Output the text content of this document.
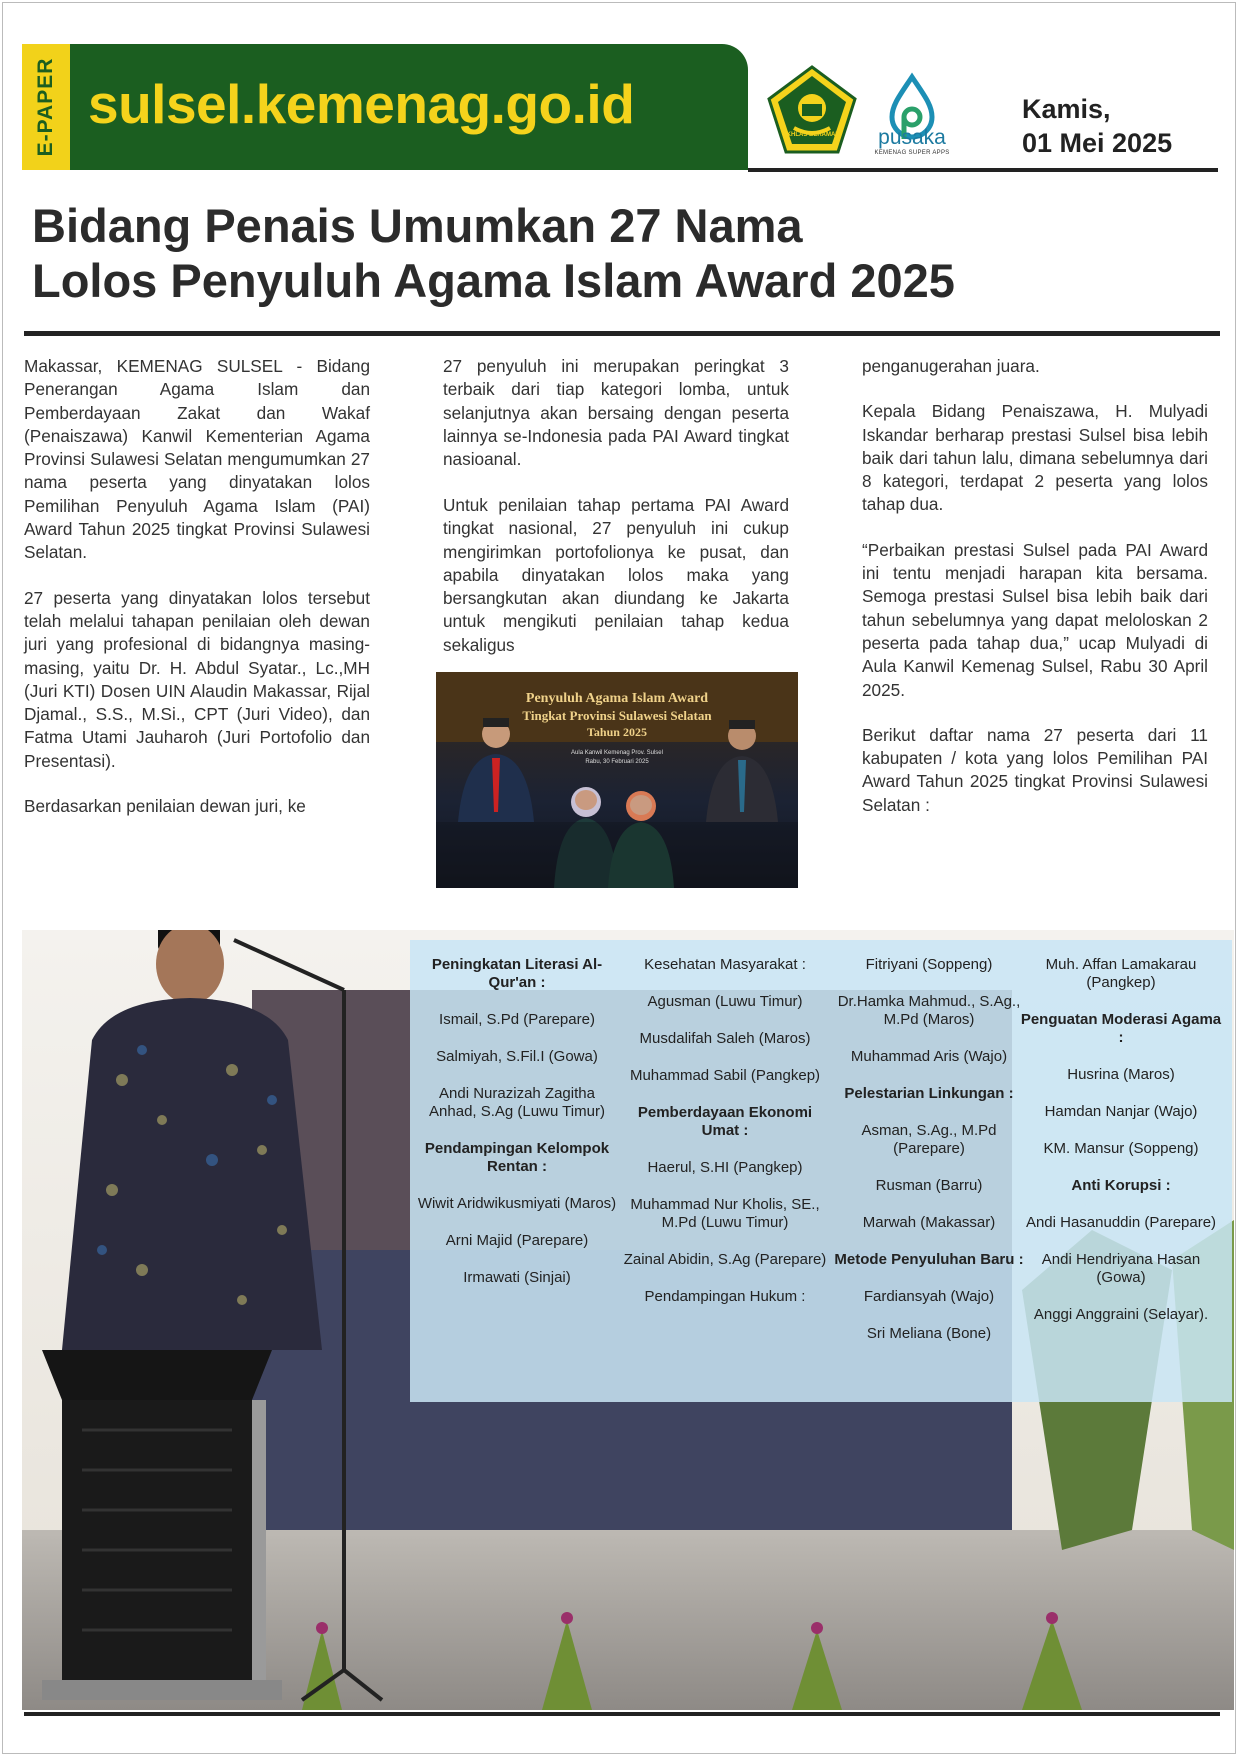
E-PAPER sulsel.kemenag.go.id	IKHLAS BERAMAL pusaka
KEMENAG SUPER APPS
Kamis,
01 Mei 2025
Bidang Penais Umumkan 27 Nama
Lolos Penyuluh Agama Islam Award 2025

Makassar, KEMENAG SULSEL - Bidang Penerangan Agama Islam dan Pemberdayaan Zakat dan Wakaf (Penaiszawa) Kanwil Kementerian Agama Provinsi Sulawesi Selatan mengumumkan 27 nama peserta yang dinyatakan lolos Pemilihan Penyuluh Agama Islam (PAI) Award Tahun 2025 tingkat Provinsi Sulawesi Selatan.

27 peserta yang dinyatakan lolos tersebut telah melalui tahapan penilaian oleh dewan juri yang profesional di bidangnya masing-masing, yaitu Dr. H. Abdul Syatar., Lc.,MH (Juri KTI) Dosen UIN Alaudin Makassar, Rijal Djamal., S.S., M.Si., CPT (Juri Video), dan Fatma Utami Jauharoh (Juri Portofolio dan Presentasi).

Berdasarkan penilaian dewan juri, ke

27 penyuluh ini merupakan peringkat 3 terbaik dari tiap kategori lomba, untuk selanjutnya akan bersaing dengan peserta lainnya se-Indonesia pada PAI Award tingkat nasioanal.

Untuk penilaian tahap pertama PAI Award tingkat nasional, 27 penyuluh ini cukup mengirimkan portofolionya ke pusat, dan apabila dinyatakan lolos maka yang bersangkutan akan diundang ke Jakarta untuk mengikuti penilaian tahap kedua sekaligus

penganugerahan juara.

Kepala Bidang Penaiszawa, H. Mulyadi Iskandar berharap prestasi Sulsel bisa lebih baik dari tahun lalu, dimana sebelumnya dari 8 kategori, terdapat 2 peserta yang lolos tahap dua.

“Perbaikan prestasi Sulsel pada PAI Award ini tentu menjadi harapan kita bersama. Semoga prestasi Sulsel bisa lebih baik dari tahun sebelumnya yang dapat meloloskan 2 peserta pada tahap dua,” ucap Mulyadi di Aula Kanwil Kemenag Sulsel, Rabu 30 April 2025.

Berikut daftar nama 27 peserta dari 11 kabupaten / kota yang lolos Pemilihan PAI Award Tahun 2025 tingkat Provinsi Sulawesi Selatan :

Penyuluh Agama Islam Award
Tingkat Provinsi Sulawesi Selatan
Tahun 2025
Aula Kanwil Kemenag Prov. Sulsel
Rabu, 30 Februari 2025
Peningkatan Literasi Al-Qur'an :
Ismail, S.Pd (Parepare)
Salmiyah, S.Fil.I (Gowa)
Andi Nurazizah Zagitha Anhad, S.Ag (Luwu Timur)
Pendampingan Kelompok Rentan :
Wiwit Aridwikusmiyati (Maros)
Arni Majid (Parepare)
Irmawati (Sinjai)
Kesehatan Masyarakat :
Agusman (Luwu Timur)
Musdalifah Saleh (Maros)
Muhammad Sabil (Pangkep)
Pemberdayaan Ekonomi Umat :
Haerul, S.HI (Pangkep)
Muhammad Nur Kholis, SE., M.Pd (Luwu Timur)
Zainal Abidin, S.Ag (Parepare)
Pendampingan Hukum :
Fitriyani (Soppeng)
Dr.Hamka Mahmud., S.Ag., M.Pd (Maros)
Muhammad Aris (Wajo)
Pelestarian Linkungan :
Asman, S.Ag., M.Pd (Parepare)
Rusman (Barru)
Marwah (Makassar)
Metode Penyuluhan Baru :
Fardiansyah (Wajo)
Sri Meliana (Bone)
Muh. Affan Lamakarau (Pangkep)
Penguatan Moderasi Agama :
Husrina (Maros)
Hamdan Nanjar (Wajo)
KM. Mansur (Soppeng)
Anti Korupsi :
Andi Hasanuddin (Parepare)
Andi Hendriyana Hasan (Gowa)
Anggi Anggraini (Selayar).
